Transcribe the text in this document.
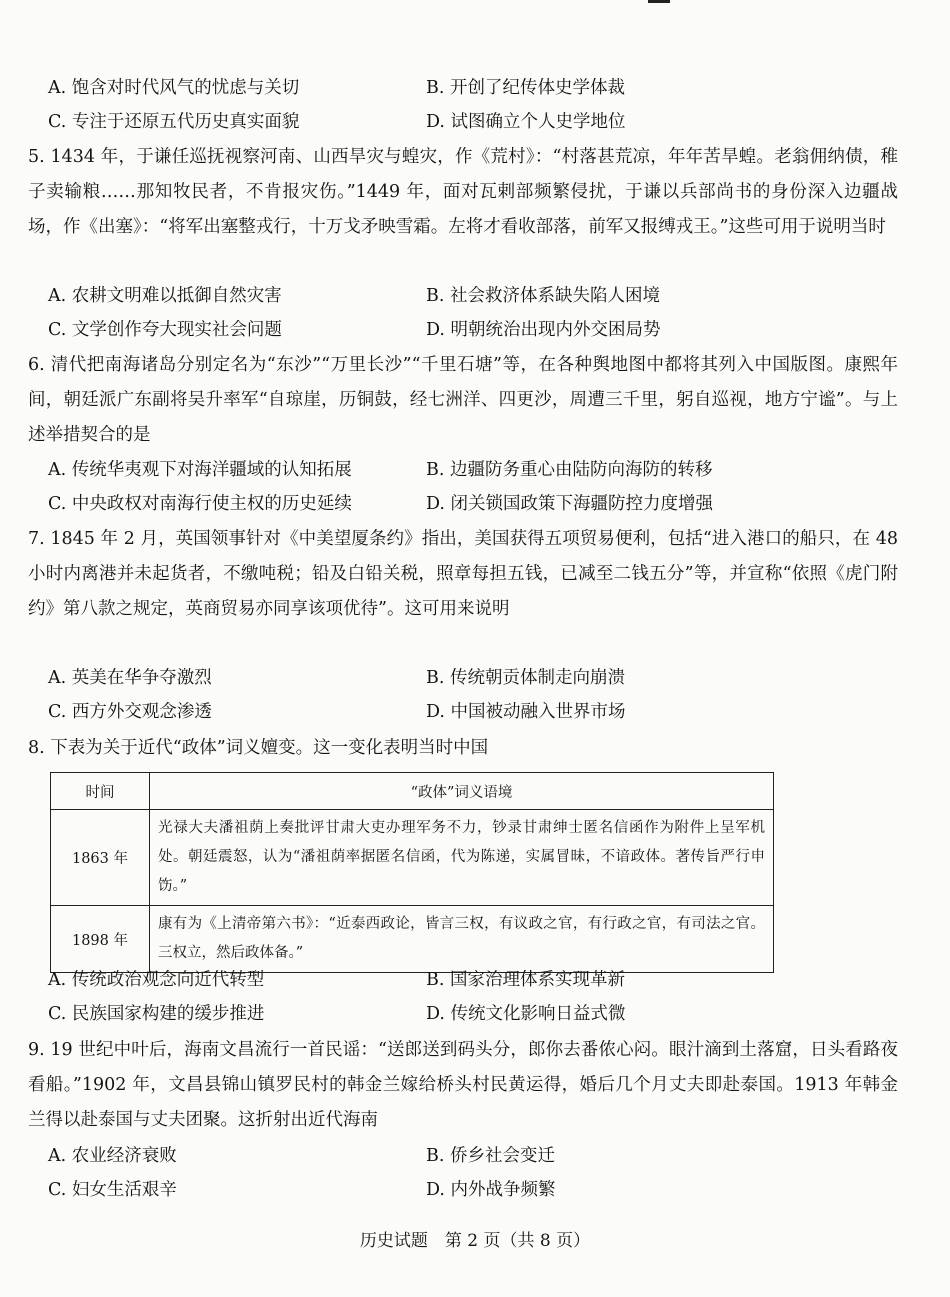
A. 饱含对时代风气的忧虑与关切	B. 开创了纪传体史学体裁
C. 专注于还原五代历史真实面貌	D. 试图确立个人史学地位
5. 1434 年，于谦任巡抚视察河南、山西旱灾与蝗灾，作《荒村》：“村落甚荒凉，年年苦旱蝗。老翁佣纳债，稚子卖输粮……那知牧民者，不肯报灾伤。”1449 年，面对瓦剌部频繁侵扰，于谦以兵部尚书的身份深入边疆战场，作《出塞》：“将军出塞整戎行，十万戈矛映雪霜。左将才看收部落，前军又报缚戎王。”这些可用于说明当时
A. 农耕文明难以抵御自然灾害	B. 社会救济体系缺失陷人困境
C. 文学创作夸大现实社会问题	D. 明朝统治出现内外交困局势
6. 清代把南海诸岛分别定名为“东沙”“万里长沙”“千里石塘”等，在各种舆地图中都将其列入中国版图。康熙年间，朝廷派广东副将吴升率军“自琼崖，历铜鼓，经七洲洋、四更沙，周遭三千里，躬自巡视，地方宁谧”。与上述举措契合的是
A. 传统华夷观下对海洋疆域的认知拓展	B. 边疆防务重心由陆防向海防的转移
C. 中央政权对南海行使主权的历史延续	D. 闭关锁国政策下海疆防控力度增强
7. 1845 年 2 月，英国领事针对《中美望厦条约》指出，美国获得五项贸易便利，包括“进入港口的船只，在 48 小时内离港并未起货者，不缴吨税；铅及白铅关税，照章每担五钱，已减至二钱五分”等，并宣称“依照《虎门附约》第八款之规定，英商贸易亦同享该项优待”。这可用来说明
A. 英美在华争夺激烈	B. 传统朝贡体制走向崩溃
C. 西方外交观念渗透	D. 中国被动融入世界市场
8. 下表为关于近代“政体”词义嬗变。这一变化表明当时中国
时间	“政体”词义语境
1863 年	光禄大夫潘祖荫上奏批评甘肃大吏办理军务不力，钞录甘肃绅士匿名信函作为附件上呈军机处。朝廷震怒，认为“潘祖荫率据匿名信函，代为陈递，实属冒昧，不谙政体。著传旨严行申饬。”
1898 年	康有为《上清帝第六书》：“近泰西政论，皆言三权，有议政之官，有行政之官，有司法之官。三权立，然后政体备。”
A. 传统政治观念向近代转型	B. 国家治理体系实现革新
C. 民族国家构建的缓步推进	D. 传统文化影响日益式微
9. 19 世纪中叶后，海南文昌流行一首民谣：“送郎送到码头分，郎你去番侬心闷。眼汁滴到土落窟，日头看路夜看船。”1902 年，文昌县锦山镇罗民村的韩金兰嫁给桥头村民黄运得，婚后几个月丈夫即赴泰国。1913 年韩金兰得以赴泰国与丈夫团聚。这折射出近代海南
A. 农业经济衰败	B. 侨乡社会变迁
C. 妇女生活艰辛	D. 内外战争频繁
历史试题　第 2 页（共 8 页）
